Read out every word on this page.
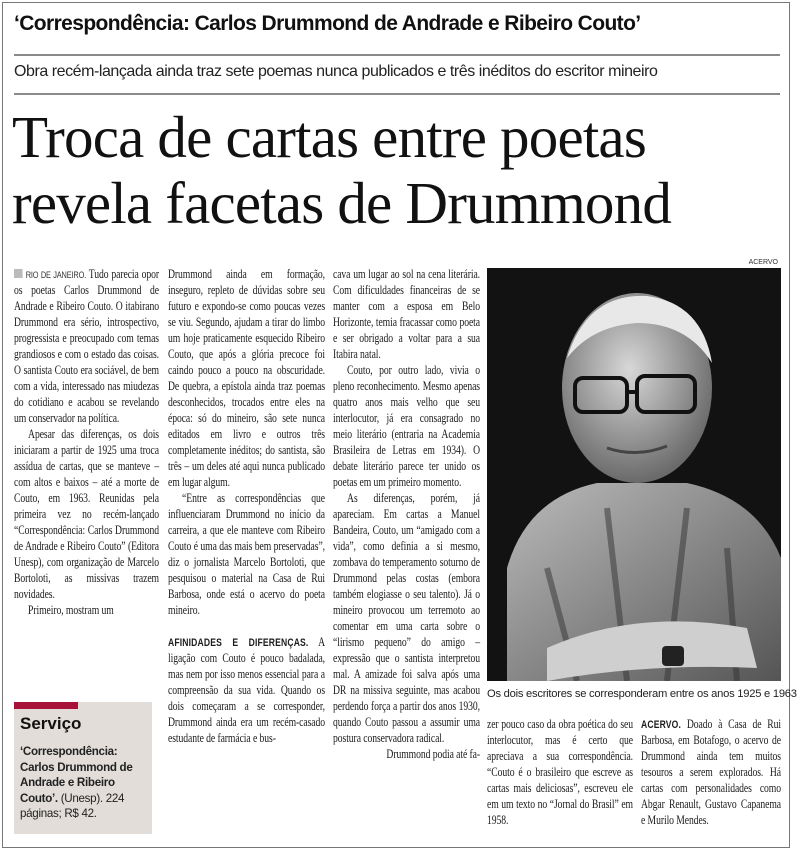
‘Correspondência: Carlos Drummond de Andrade e Ribeiro Couto’
Obra recém-lançada ainda traz sete poemas nunca publicados e três inéditos do escritor mineiro
Troca de cartas entre poetas
revela facetas de Drummond

RIO DE JANEIRO. Tudo parecia opor os poetas Carlos Drummond de Andrade e Ribeiro Couto. O itabirano Drummond era sério, introspectivo, progressista e preocupado com temas grandiosos e com o estado das coisas. O santista Couto era sociável, de bem com a vida, interessado nas miudezas do cotidiano e acabou se revelando um conservador na política.

Apesar das diferenças, os dois iniciaram a partir de 1925 uma troca assídua de cartas, que se manteve – com altos e baixos – até a morte de Couto, em 1963. Reunidas pela primeira vez no recém-lançado “Correspondência: Carlos Drummond de Andrade e Ribeiro Couto” (Editora Unesp), com organização de Marcelo Bortoloti, as missivas trazem novidades.

Primeiro, mostram um

Serviço
‘Correspondência: Carlos Drummond de Andrade e Ribeiro Couto’. (Unesp). 224 páginas; R$ 42.

Drummond ainda em formação, inseguro, repleto de dúvidas sobre seu futuro e expondo-se como poucas vezes se viu. Segundo, ajudam a tirar do limbo um hoje praticamente esquecido Ribeiro Couto, que após a glória precoce foi caindo pouco a pouco na obscuridade. De quebra, a epístola ainda traz poemas desconhecidos, trocados entre eles na época: só do mineiro, são sete nunca editados em livro e outros três completamente inéditos; do santista, são três – um deles até aqui nunca publicado em lugar algum.

“Entre as correspondências que influenciaram Drummond no início da carreira, a que ele manteve com Ribeiro Couto é uma das mais bem preservadas”, diz o jornalista Marcelo Bortoloti, que pesquisou o material na Casa de Rui Barbosa, onde está o acervo do poeta mineiro.

AFINIDADES E DIFERENÇAS. A ligação com Couto é pouco badalada, mas nem por isso menos essencial para a compreensão da sua vida. Quando os dois começaram a se corresponder, Drummond ainda era um recém-casado estudante de farmácia e bus-

cava um lugar ao sol na cena literária. Com dificuldades financeiras de se manter com a esposa em Belo Horizonte, temia fracassar como poeta e ser obrigado a voltar para a sua Itabira natal.

Couto, por outro lado, vivia o pleno reconhecimento. Mesmo apenas quatro anos mais velho que seu interlocutor, já era consagrado no meio literário (entraria na Academia Brasileira de Letras em 1934). O debate literário parece ter unido os poetas em um primeiro momento.

As diferenças, porém, já apareciam. Em cartas a Manuel Bandeira, Couto, um “amigado com a vida”, como definia a si mesmo, zombava do temperamento soturno de Drummond pelas costas (embora também elogiasse o seu talento). Já o mineiro provocou um terremoto ao comentar em uma carta sobre o “lirismo pequeno” do amigo – expressão que o santista interpretou mal. A amizade foi salva após uma DR na missiva seguinte, mas acabou perdendo força a partir dos anos 1930, quando Couto passou a assumir uma postura conservadora radical.

Drummond podia até fa-

ACERVO
Os dois escritores se corresponderam entre os anos 1925 e 1963

zer pouco caso da obra poética do seu interlocutor, mas é certo que apreciava a sua correspondência. “Couto é o brasileiro que escreve as cartas mais deliciosas”, escreveu ele em um texto no “Jornal do Brasil” em 1958.

ACERVO. Doado à Casa de Rui Barbosa, em Botafogo, o acervo de Drummond ainda tem muitos tesouros a serem explorados. Há cartas com personalidades como Abgar Renault, Gustavo Capanema e Murilo Mendes.
